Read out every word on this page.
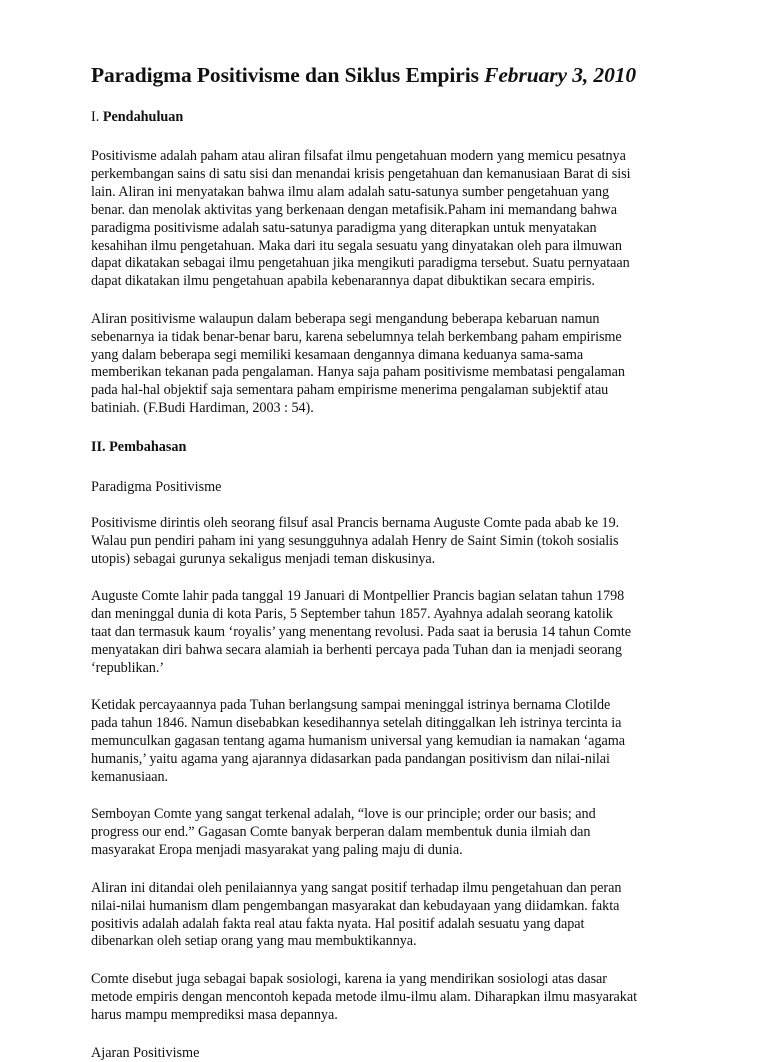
Paradigma Positivisme dan Siklus Empiris February 3, 2010
I. Pendahuluan

Positivisme adalah paham atau aliran filsafat ilmu pengetahuan modern yang memicu pesatnya
perkembangan sains di satu sisi dan menandai krisis pengetahuan dan kemanusiaan Barat di sisi
lain. Aliran ini menyatakan bahwa ilmu alam adalah satu-satunya sumber pengetahuan yang
benar. dan menolak aktivitas yang berkenaan dengan metafisik.Paham ini memandang bahwa
paradigma positivisme adalah satu-satunya paradigma yang diterapkan untuk menyatakan
kesahihan ilmu pengetahuan. Maka dari itu segala sesuatu yang dinyatakan oleh para ilmuwan
dapat dikatakan sebagai ilmu pengetahuan jika mengikuti paradigma tersebut. Suatu pernyataan
dapat dikatakan ilmu pengetahuan apabila kebenarannya dapat dibuktikan secara empiris.

Aliran positivisme walaupun dalam beberapa segi mengandung beberapa kebaruan namun
sebenarnya ia tidak benar-benar baru, karena sebelumnya telah berkembang paham empirisme
yang dalam beberapa segi memiliki kesamaan dengannya dimana keduanya sama-sama
memberikan tekanan pada pengalaman. Hanya saja paham positivisme membatasi pengalaman
pada hal-hal objektif saja sementara paham empirisme menerima pengalaman subjektif atau
batiniah. (F.Budi Hardiman, 2003 : 54).

II. Pembahasan

Paradigma Positivisme

Positivisme dirintis oleh seorang filsuf asal Prancis bernama Auguste Comte pada abab ke 19.
Walau pun pendiri paham ini yang sesungguhnya adalah Henry de Saint Simin (tokoh sosialis
utopis) sebagai gurunya sekaligus menjadi teman diskusinya.

Auguste Comte lahir pada tanggal 19 Januari di Montpellier Prancis bagian selatan tahun 1798
dan meninggal dunia di kota Paris, 5 September tahun 1857. Ayahnya adalah seorang katolik
taat dan termasuk kaum ‘royalis’ yang menentang revolusi. Pada saat ia berusia 14 tahun Comte
menyatakan diri bahwa secara alamiah ia berhenti percaya pada Tuhan dan ia menjadi seorang
‘republikan.’

Ketidak percayaannya pada Tuhan berlangsung sampai meninggal istrinya bernama Clotilde
pada tahun 1846. Namun disebabkan kesedihannya setelah ditinggalkan leh istrinya tercinta ia
memunculkan gagasan tentang agama humanism universal yang kemudian ia namakan ‘agama
humanis,’ yaitu agama yang ajarannya didasarkan pada pandangan positivism dan nilai-nilai
kemanusiaan.

Semboyan Comte yang sangat terkenal adalah, “love is our principle; order our basis; and
progress our end.” Gagasan Comte banyak berperan dalam membentuk dunia ilmiah dan
masyarakat Eropa menjadi masyarakat yang paling maju di dunia.

Aliran ini ditandai oleh penilaiannya yang sangat positif terhadap ilmu pengetahuan dan peran
nilai-nilai humanism dlam pengembangan masyarakat dan kebudayaan yang diidamkan. fakta
positivis adalah adalah fakta real atau fakta nyata. Hal positif adalah sesuatu yang dapat
dibenarkan oleh setiap orang yang mau membuktikannya.

Comte disebut juga sebagai bapak sosiologi, karena ia yang mendirikan sosiologi atas dasar
metode empiris dengan mencontoh kepada metode ilmu-ilmu alam. Diharapkan ilmu masyarakat
harus mampu memprediksi masa depannya.

Ajaran Positivisme
